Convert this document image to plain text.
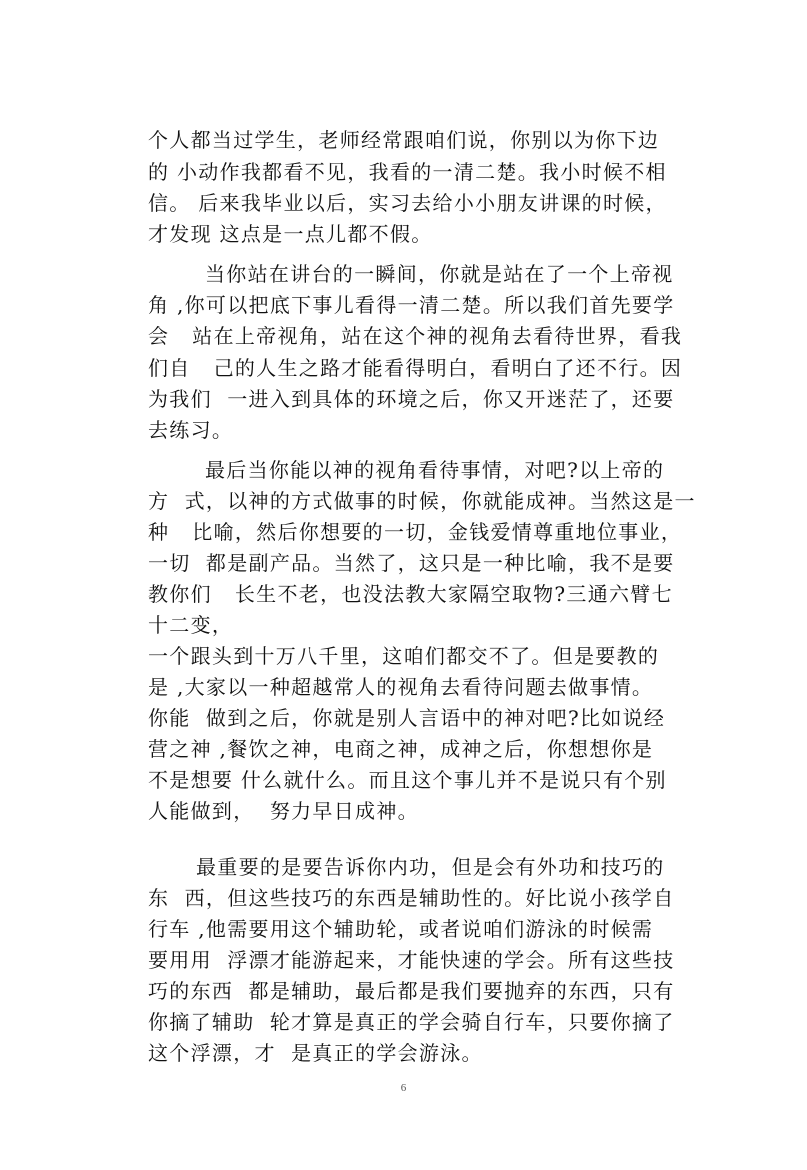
个人都当过学生，老师经常跟咱们说，你别以为你下边
的 小动作我都看不见，我看的一清二楚。我小时候不相
信。 后来我毕业以后，实习去给小小朋友讲课的时候，
才发现 这点是一点儿都不假。
当你站在讲台的一瞬间，你就是站在了一个上帝视
角 ,你可以把底下事儿看得一清二楚。所以我们首先要学
会   站在上帝视角，站在这个神的视角去看待世界，看我
们自   己的人生之路才能看得明白，看明白了还不行。因
为我们  一进入到具体的环境之后，你又开迷茫了，还要
去练习。
最后当你能以神的视角看待事情，对吧?以上帝的
方  式，以神的方式做事的时候，你就能成神。当然这是一
种   比喻，然后你想要的一切，金钱爱情尊重地位事业，
一切  都是副产品。当然了，这只是一种比喻，我不是要
教你们   长生不老，也没法教大家隔空取物?三通六臂七
十二变，
一个跟头到十万八千里，这咱们都交不了。但是要教的
是 ,大家以一种超越常人的视角去看待问题去做事情。
你能  做到之后，你就是别人言语中的神对吧?比如说经
营之神 ,餐饮之神，电商之神，成神之后，你想想你是
不是想要 什么就什么。而且这个事儿并不是说只有个别
人能做到，  努力早日成神。
最重要的是要告诉你内功，但是会有外功和技巧的
东  西，但这些技巧的东西是辅助性的。好比说小孩学自
行车 ,他需要用这个辅助轮，或者说咱们游泳的时候需
要用用  浮漂才能游起来，才能快速的学会。所有这些技
巧的东西  都是辅助，最后都是我们要抛弃的东西，只有
你摘了辅助  轮才算是真正的学会骑自行车，只要你摘了
这个浮漂，才  是真正的学会游泳。
6
